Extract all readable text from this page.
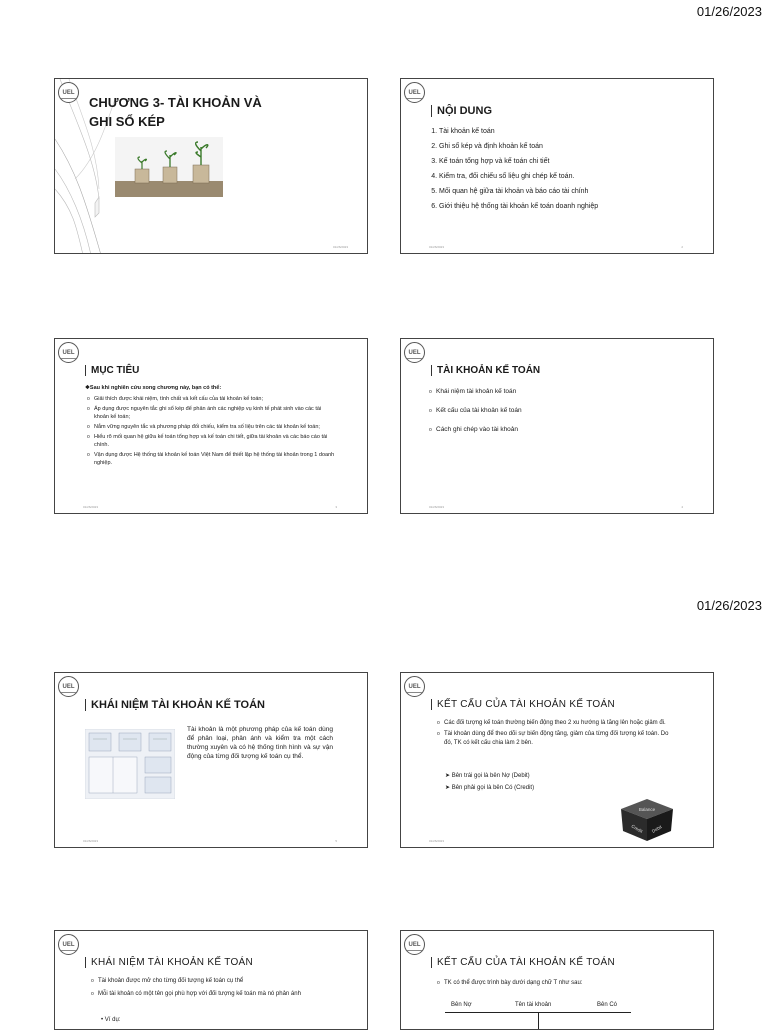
01/26/2023
UEL
CHƯƠNG 3- TÀI KHOẢN VÀ
GHI SỔ KÉP
01/26/2023
UEL
NỘI DUNG
1. Tài khoản kế toán
2. Ghi sổ kép và định khoản kế toán
3. Kế toán tổng hợp và kế toán chi tiết
4. Kiểm tra, đối chiếu số liệu ghi chép kế toán.
5. Mối quan hệ giữa tài khoản và báo cáo tài chính
6. Giới thiệu hệ thống tài khoản kế toán doanh nghiệp
01/26/2023	2
UEL
MỤC TIÊU
❖Sau khi nghiên cứu xong chương này, bạn có thể:
o Giải thích được khái niệm, tính chất và kết cấu của tài khoản kế toán;
o Áp dụng được nguyên tắc ghi sổ kép để phản ánh các nghiệp vụ kinh tế phát sinh vào các tài khoản kế toán;
o Nắm vững nguyên tắc và phương pháp đối chiếu, kiểm tra số liệu trên các tài khoản kế toán;
o Hiểu rõ mối quan hệ giữa kế toán tổng hợp và kế toán chi tiết, giữa tài khoản và các báo cáo tài chính.
o Vận dụng được Hệ thống tài khoản kế toán Việt Nam để thiết lập hệ thống tài khoản trong 1 doanh nghiệp.
01/26/2023	3
UEL
TÀI KHOẢN KẾ TOÁN
o Khái niệm tài khoản kế toán
o Kết cấu của tài khoản kế toán
o Cách ghi chép vào tài khoản
01/26/2023	4
01/26/2023
UEL
KHÁI NIỆM TÀI KHOẢN KẾ TOÁN
Tài khoản là một phương pháp của kế toán dùng để phân loại, phản ánh và kiểm tra một cách thường xuyên và có hệ thống tình hình và sự vận động của từng đối tượng kế toán cụ thể.
01/26/2023	5
UEL
KẾT CẤU CỦA TÀI KHOẢN KẾ TOÁN
o Các đối tượng kế toán thường biến động theo 2 xu hướng là tăng lên hoặc giảm đi.
o Tài khoản dùng để theo dõi sự biến động tăng, giảm của từng đối tượng kế toán. Do đó, TK có kết cấu chia làm 2 bên.
➤ Bên trái gọi là bên Nợ (Debit)
➤ Bên phải gọi là bên Có (Credit)
Balance
Credit Debit
01/26/2023
UEL
KHÁI NIỆM TÀI KHOẢN KẾ TOÁN
o Tài khoản được mở cho từng đối tượng kế toán cụ thể
o Mỗi tài khoản có một tên gọi phù hợp với đối tượng kế toán mà nó phản ánh
• Ví dụ:
UEL
KẾT CẤU CỦA TÀI KHOẢN KẾ TOÁN
o TK có thể được trình bày dưới dạng chữ T như sau:
Bên Nợ	Tên tài khoản	Bên Có
